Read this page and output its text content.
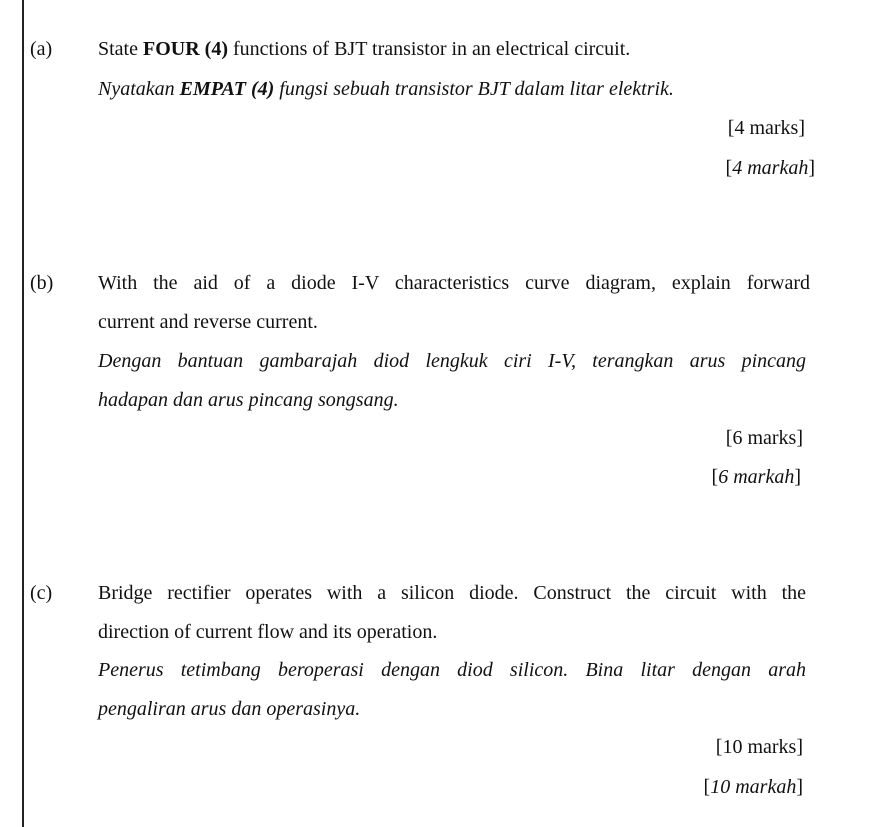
(a) State FOUR (4) functions of BJT transistor in an electrical circuit.
Nyatakan EMPAT (4) fungsi sebuah transistor BJT dalam litar elektrik.
[4 marks]
[4 markah]
(b) With the aid of a diode I-V characteristics curve diagram, explain forward
current and reverse current.
Dengan bantuan gambarajah diod lengkuk ciri I-V, terangkan arus pincang
hadapan dan arus pincang songsang.
[6 marks]
[6 markah]
(c) Bridge rectifier operates with a silicon diode. Construct the circuit with the
direction of current flow and its operation.
Penerus tetimbang beroperasi dengan diod silicon. Bina litar dengan arah
pengaliran arus dan operasinya.
[10 marks]
[10 markah]
